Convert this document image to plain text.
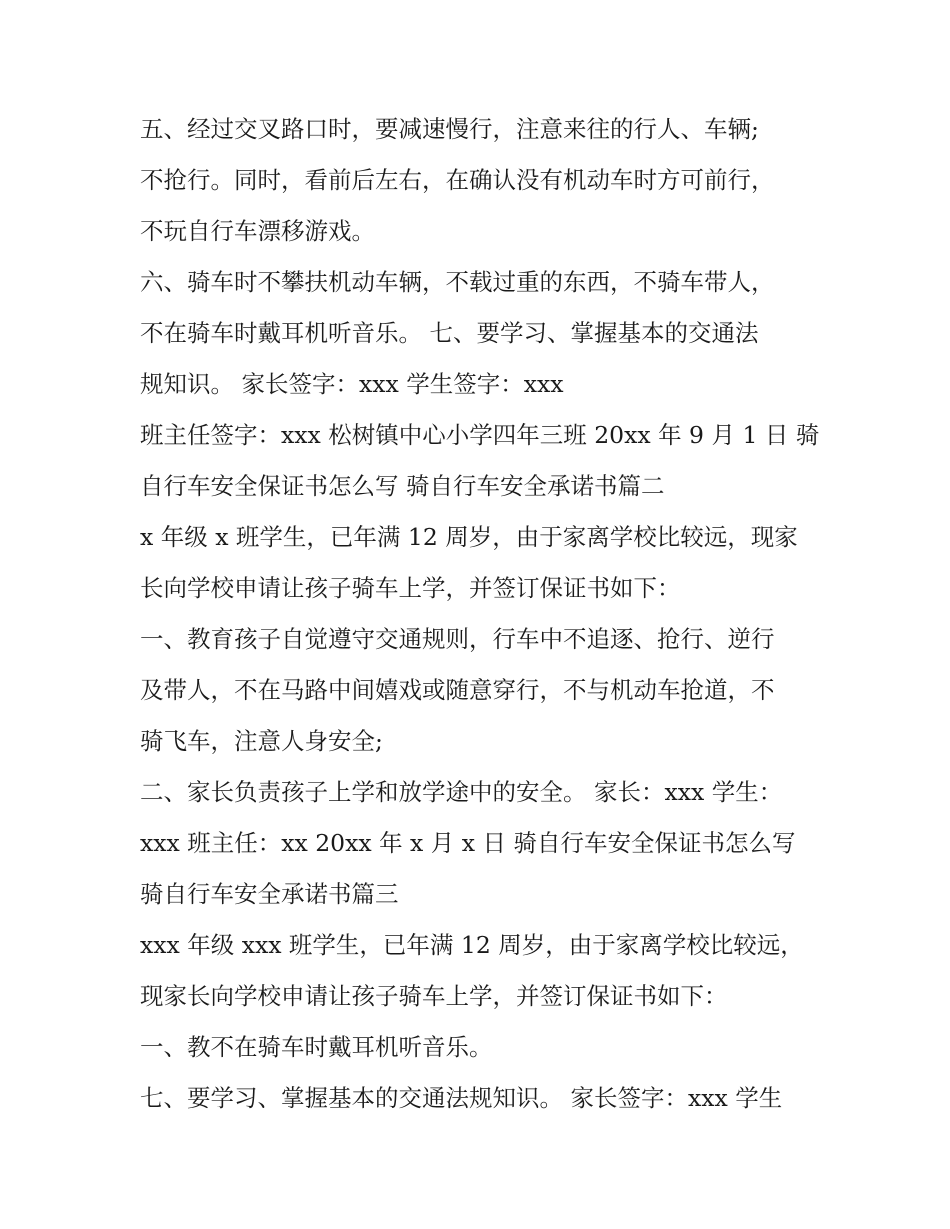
五、经过交叉路口时，要减速慢行，注意来往的行人、车辆;
不抢行。同时，看前后左右，在确认没有机动车时方可前行，
不玩自行车漂移游戏。
六、骑车时不攀扶机动车辆，不载过重的东西，不骑车带人，
不在骑车时戴耳机听音乐。 七、要学习、掌握基本的交通法
规知识。 家长签字：xxx 学生签字：xxx
班主任签字：xxx 松树镇中心小学四年三班 20xx 年 9 月 1 日 骑
自行车安全保证书怎么写 骑自行车安全承诺书篇二
x 年级 x 班学生，已年满 12 周岁，由于家离学校比较远，现家
长向学校申请让孩子骑车上学，并签订保证书如下：
一、教育孩子自觉遵守交通规则，行车中不追逐、抢行、逆行
及带人，不在马路中间嬉戏或随意穿行，不与机动车抢道，不
骑飞车，注意人身安全;
二、家长负责孩子上学和放学途中的安全。 家长：xxx 学生：
xxx 班主任：xx 20xx 年 x 月 x 日 骑自行车安全保证书怎么写
骑自行车安全承诺书篇三
xxx 年级 xxx 班学生，已年满 12 周岁，由于家离学校比较远，
现家长向学校申请让孩子骑车上学，并签订保证书如下：
一、教不在骑车时戴耳机听音乐。
七、要学习、掌握基本的交通法规知识。 家长签字：xxx 学生
